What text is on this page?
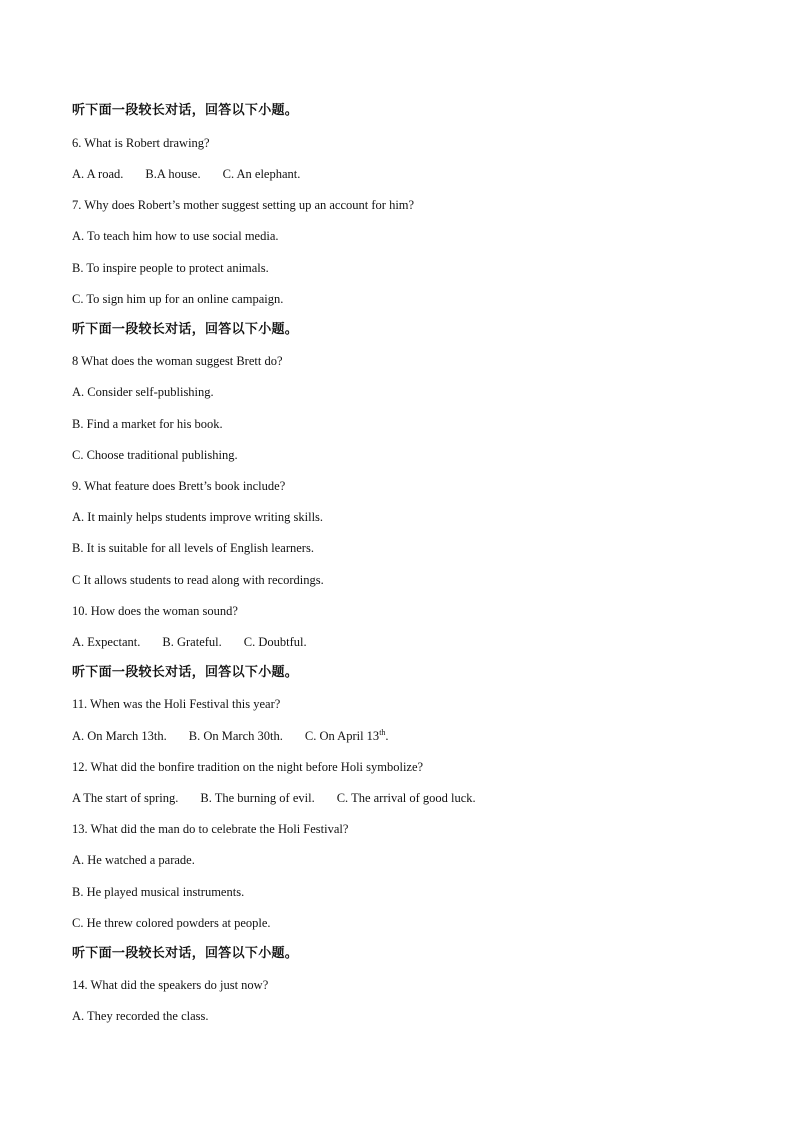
听下面一段较长对话，回答以下小题。
6. What is Robert drawing?
A. A road. B.A house. C. An elephant.
7. Why does Robert’s mother suggest setting up an account for him?
A. To teach him how to use social media.
B. To inspire people to protect animals.
C. To sign him up for an online campaign.
听下面一段较长对话，回答以下小题。
8 What does the woman suggest Brett do?
A. Consider self-publishing.
B. Find a market for his book.
C. Choose traditional publishing.
9. What feature does Brett’s book include?
A. It mainly helps students improve writing skills.
B. It is suitable for all levels of English learners.
C It allows students to read along with recordings.
10. How does the woman sound?
A. Expectant. B. Grateful. C. Doubtful.
听下面一段较长对话，回答以下小题。
11. When was the Holi Festival this year?
A. On March 13th. B. On March 30th. C. On April 13th.
12. What did the bonfire tradition on the night before Holi symbolize?
A The start of spring. B. The burning of evil. C. The arrival of good luck.
13. What did the man do to celebrate the Holi Festival?
A. He watched a parade.
B. He played musical instruments.
C. He threw colored powders at people.
听下面一段较长对话，回答以下小题。
14. What did the speakers do just now?
A. They recorded the class.
